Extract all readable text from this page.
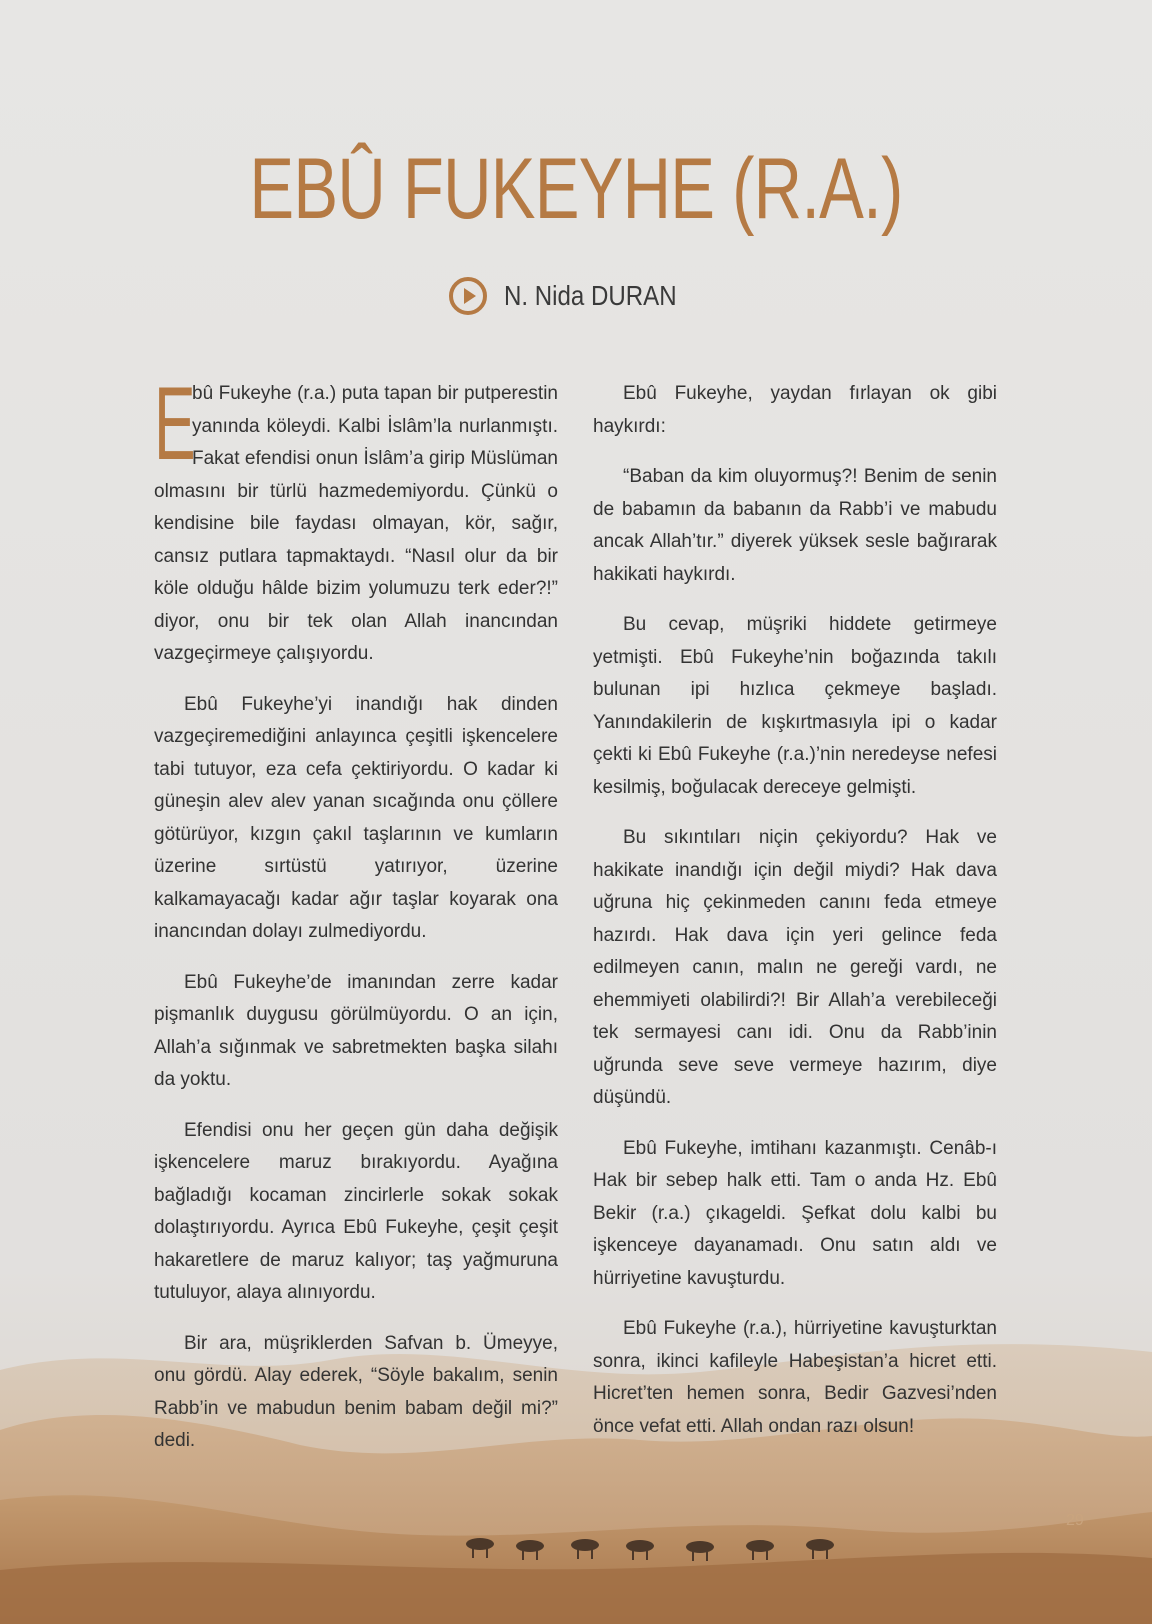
EBÛ FUKEYHE (R.A.)
N. Nida DURAN

E
bû Fukeyhe (r.a.) puta tapan bir putperestin yanında köleydi. Kalbi İslâm’la nurlanmıştı. Fakat efendisi onun İslâm’a girip Müslüman olmasını bir türlü hazmedemiyordu. Çünkü o kendisine bile faydası olmayan, kör, sağır, cansız putlara tapmaktaydı. “Nasıl olur da bir köle olduğu hâlde bizim yolumuzu terk eder?!” diyor, onu bir tek olan Allah inancından vazgeçirmeye çalışıyordu.

Ebû Fukeyhe’yi inandığı hak dinden vazgeçiremediğini anlayınca çeşitli işkencelere tabi tutuyor, eza cefa çektiriyordu. O kadar ki güneşin alev alev yanan sıcağında onu çöllere götürüyor, kızgın çakıl taşlarının ve kumların üzerine sırtüstü yatırıyor, üzerine kalkamayacağı kadar ağır taşlar koyarak ona inancından dolayı zulmediyordu.

Ebû Fukeyhe’de imanından zerre kadar pişmanlık duygusu görülmüyordu. O an için, Allah’a sığınmak ve sabretmekten başka silahı da yoktu.

Efendisi onu her geçen gün daha değişik işkencelere maruz bırakıyordu. Ayağına bağladığı kocaman zincirlerle sokak sokak dolaştırıyordu. Ayrıca Ebû Fukeyhe, çeşit çeşit hakaretlere de maruz kalıyor; taş yağmuruna tutuluyor, alaya alınıyordu.

Bir ara, müşriklerden Safvan b. Ümeyye, onu gördü. Alay ederek, “Söyle bakalım, senin Rabb’in ve mabudun benim babam değil mi?” dedi.

Ebû Fukeyhe, yaydan fırlayan ok gibi haykırdı:

“Baban da kim oluyormuş?! Benim de senin de babamın da babanın da Rabb’i ve mabudu ancak Allah’tır.” diyerek yüksek sesle bağırarak hakikati haykırdı.

Bu cevap, müşriki hiddete getirmeye yetmişti. Ebû Fukeyhe’nin boğazında takılı bulunan ipi hızlıca çekmeye başladı. Yanındakilerin de kışkırtmasıyla ipi o kadar çekti ki Ebû Fukeyhe (r.a.)’nin neredeyse nefesi kesilmiş, boğulacak dereceye gelmişti.

Bu sıkıntıları niçin çekiyordu? Hak ve hakikate inandığı için değil miydi? Hak dava uğruna hiç çekinmeden canını feda etmeye hazırdı. Hak dava için yeri gelince feda edilmeyen canın, malın ne gereği vardı, ne ehemmiyeti olabilirdi?! Bir Allah’a verebileceği tek sermayesi canı idi. Onu da Rabb’inin uğrunda seve seve vermeye hazırım, diye düşündü.

Ebû Fukeyhe, imtihanı kazanmıştı. Cenâb-ı Hak bir sebep halk etti. Tam o anda Hz. Ebû Bekir (r.a.) çıkageldi. Şefkat dolu kalbi bu işkenceye dayanamadı. Onu satın aldı ve hürriyetine kavuşturdu.

Ebû Fukeyhe (r.a.), hürriyetine kavuşturktan sonra, ikinci kafileyle Habeşistan’a hicret etti. Hicret’ten hemen sonra, Bedir Gazvesi’nden önce vefat etti. Allah ondan razı olsun!

29
